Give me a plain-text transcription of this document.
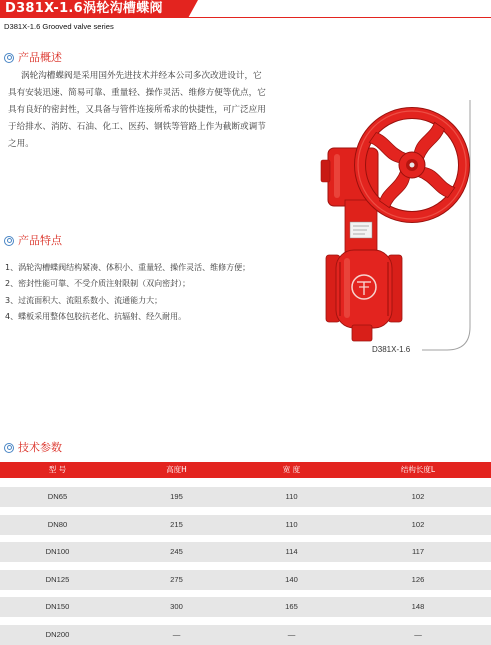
D381X-1.6涡轮沟槽蝶阀
D381X-1.6 Grooved valve series
产品概述
涡轮沟槽蝶阀是采用国外先进技术并经本公司多次改进设计，它
具有安装迅速、简易可靠、重量轻、操作灵活、维修方便等优点，它
具有良好的密封性，又具备与管件连接所希求的快捷性，可广泛应用
于给排水、消防、石油、化工、医药、钢铁等管路上作为截断或调节
之用。
产品特点
1、涡轮沟槽蝶阀结构紧凑、体积小、重量轻、操作灵活、维修方便；
2、密封性能可靠、不受介质注射限制（双向密封）；
3、过流面积大、流阻系数小、流通能力大；
4、蝶板采用整体包胶抗老化、抗辐射、经久耐用。
D381X-1.6
技术参数
型 号	高度H	宽 度	结构长度L
DN65	195	110	102
DN80	215	110	102
DN100	245	114	117
DN125	275	140	126
DN150	300	165	148
DN200	—	—	—
